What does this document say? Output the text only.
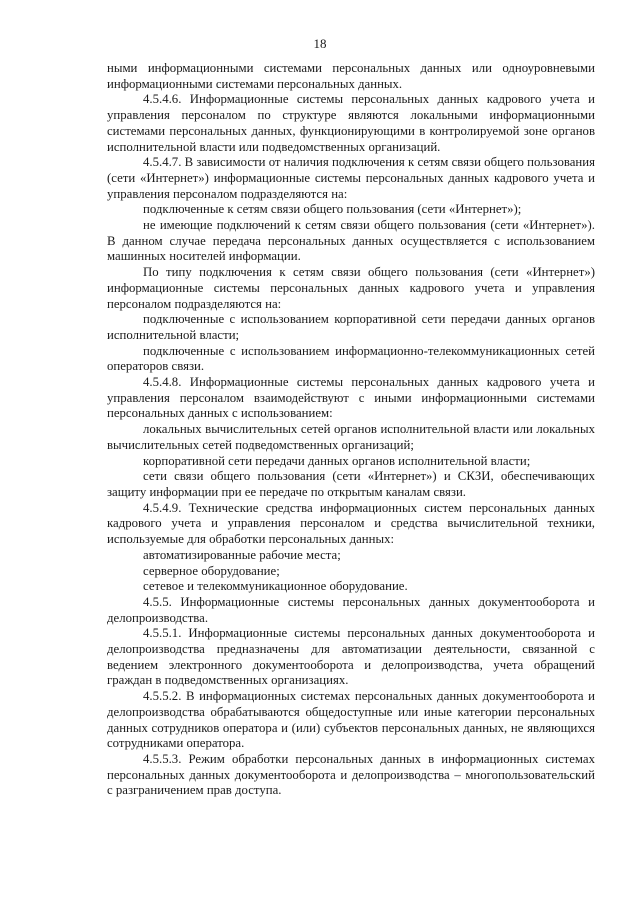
18

ными информационными системами персональных данных или одноуровневыми информационными системами персональных данных.

4.5.4.6. Информационные системы персональных данных кадрового учета и управления персоналом по структуре являются локальными информационными системами персональных данных, функционирующими в контролируемой зоне органов исполнительной власти или подведомственных организаций.

4.5.4.7. В зависимости от наличия подключения к сетям связи общего пользования (сети «Интернет») информационные системы персональных данных кадрового учета и управления персоналом подразделяются на:

подключенные к сетям связи общего пользования (сети «Интернет»);

не имеющие подключений к сетям связи общего пользования (сети «Интернет»). В данном случае передача персональных данных осуществляется с использованием машинных носителей информации.

По типу подключения к сетям связи общего пользования (сети «Интернет») информационные системы персональных данных кадрового учета и управления персоналом подразделяются на:

подключенные с использованием корпоративной сети передачи данных органов исполнительной власти;

подключенные с использованием информационно-телекоммуникационных сетей операторов связи.

4.5.4.8. Информационные системы персональных данных кадрового учета и управления персоналом взаимодействуют с иными информационными системами персональных данных с использованием:

локальных вычислительных сетей органов исполнительной власти или локальных вычислительных сетей подведомственных организаций;

корпоративной сети передачи данных органов исполнительной власти;

сети связи общего пользования (сети «Интернет») и СКЗИ, обеспечивающих защиту информации при ее передаче по открытым каналам связи.

4.5.4.9. Технические средства информационных систем персональных данных кадрового учета и управления персоналом и средства вычислительной техники, используемые для обработки персональных данных:

автоматизированные рабочие места;

серверное оборудование;

сетевое и телекоммуникационное оборудование.

4.5.5. Информационные системы персональных данных документооборота и делопроизводства.

4.5.5.1. Информационные системы персональных данных документооборота и делопроизводства предназначены для автоматизации деятельности, связанной с ведением электронного документооборота и делопроизводства, учета обращений граждан в подведомственных организациях.

4.5.5.2. В информационных системах персональных данных документооборота и делопроизводства обрабатываются общедоступные или иные категории персональных данных сотрудников оператора и (или) субъектов персональных данных, не являющихся сотрудниками оператора.

4.5.5.3. Режим обработки персональных данных в информационных системах персональных данных документооборота и делопроизводства – многопользовательский с разграничением прав доступа.
